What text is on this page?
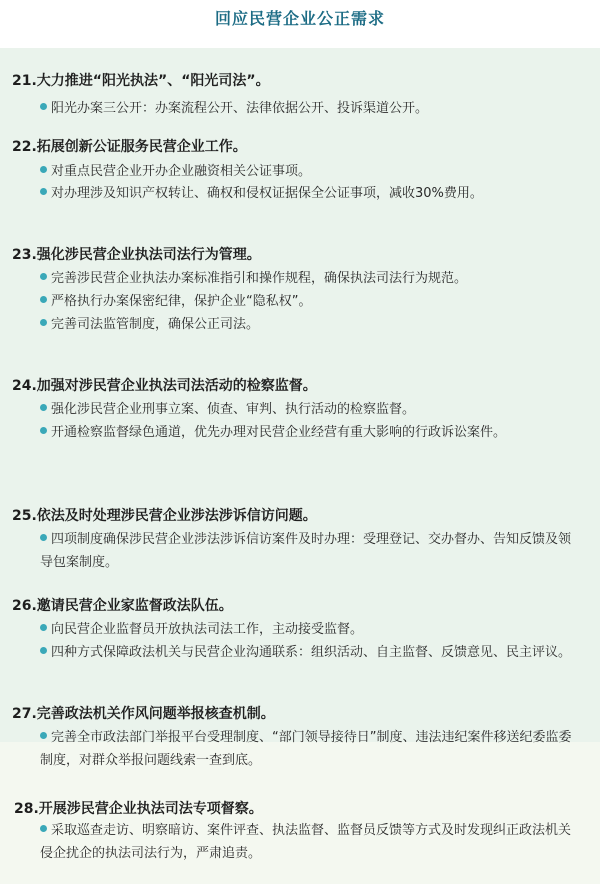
回应民营企业公正需求
21.大力推进“阳光执法”、“阳光司法”。
阳光办案三公开：办案流程公开、法律依据公开、投诉渠道公开。
22.拓展创新公证服务民营企业工作。
对重点民营企业开办企业融资相关公证事项。
对办理涉及知识产权转让、确权和侵权证据保全公证事项，减收30%费用。
23.强化涉民营企业执法司法行为管理。
完善涉民营企业执法办案标准指引和操作规程，确保执法司法行为规范。
严格执行办案保密纪律，保护企业“隐私权”。
完善司法监管制度，确保公正司法。
24.加强对涉民营企业执法司法活动的检察监督。
强化涉民营企业刑事立案、侦查、审判、执行活动的检察监督。
开通检察监督绿色通道，优先办理对民营企业经营有重大影响的行政诉讼案件。
25.依法及时处理涉民营企业涉法涉诉信访问题。
四项制度确保涉民营企业涉法涉诉信访案件及时办理：受理登记、交办督办、告知反馈及领导包案制度。
26.邀请民营企业家监督政法队伍。
向民营企业监督员开放执法司法工作，主动接受监督。
四种方式保障政法机关与民营企业沟通联系：组织活动、自主监督、反馈意见、民主评议。
27.完善政法机关作风问题举报核查机制。
完善全市政法部门举报平台受理制度、“部门领导接待日”制度、违法违纪案件移送纪委监委制度，对群众举报问题线索一查到底。
28.开展涉民营企业执法司法专项督察。
采取巡查走访、明察暗访、案件评查、执法监督、监督员反馈等方式及时发现纠正政法机关侵企扰企的执法司法行为，严肃追责。
